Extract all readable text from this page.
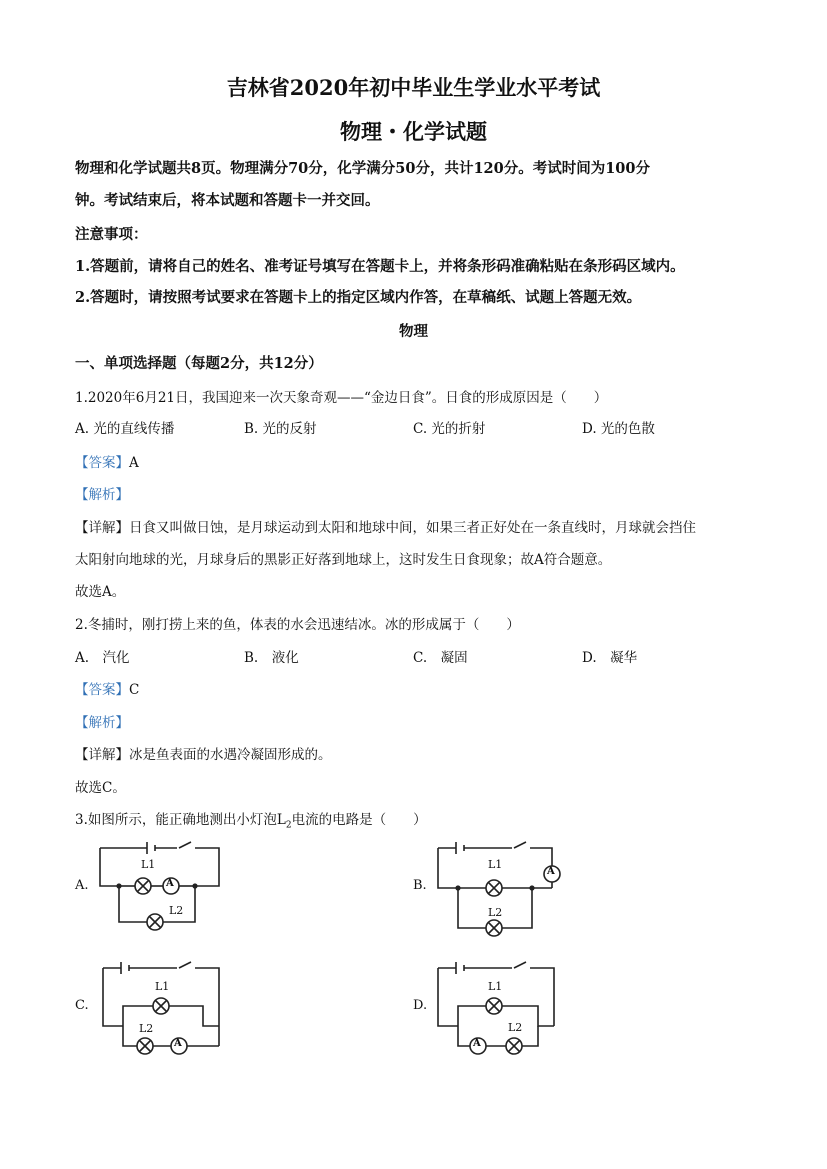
吉林省2020年初中毕业生学业水平考试
物理・化学试题
物理和化学试题共8页。物理满分70分，化学满分50分，共计120分。考试时间为100分
钟。考试结束后，将本试题和答题卡一并交回。
注意事项：
1.答题前，请将自己的姓名、准考证号填写在答题卡上，并将条形码准确粘贴在条形码区域内。
2.答题时，请按照考试要求在答题卡上的指定区域内作答，在草稿纸、试题上答题无效。
物理
一、单项选择题（每题2分，共12分）
1.2020年6月21日，我国迎来一次天象奇观——“金边日食”。日食的形成原因是（　　）
A. 光的直线传播	B. 光的反射	C. 光的折射	D. 光的色散
【答案】A
【解析】
【详解】日食又叫做日蚀，是月球运动到太阳和地球中间，如果三者正好处在一条直线时，月球就会挡住
太阳射向地球的光，月球身后的黑影正好落到地球上，这时发生日食现象；故A符合题意。
故选A。
2.冬捕时，刚打捞上来的鱼，体表的水会迅速结冰。冰的形成属于（　　）
A.　汽化	B.　液化	C.　凝固	D.　凝华
【答案】C
【解析】
【详解】冰是鱼表面的水遇冷凝固形成的。
故选C。
3.如图所示，能正确地测出小灯泡$L_2$电流的电路是（　　）
A.
L1
A
L2
B.
L1
A
L2
C.
L1
L2
A
D.
L1
A
L2
